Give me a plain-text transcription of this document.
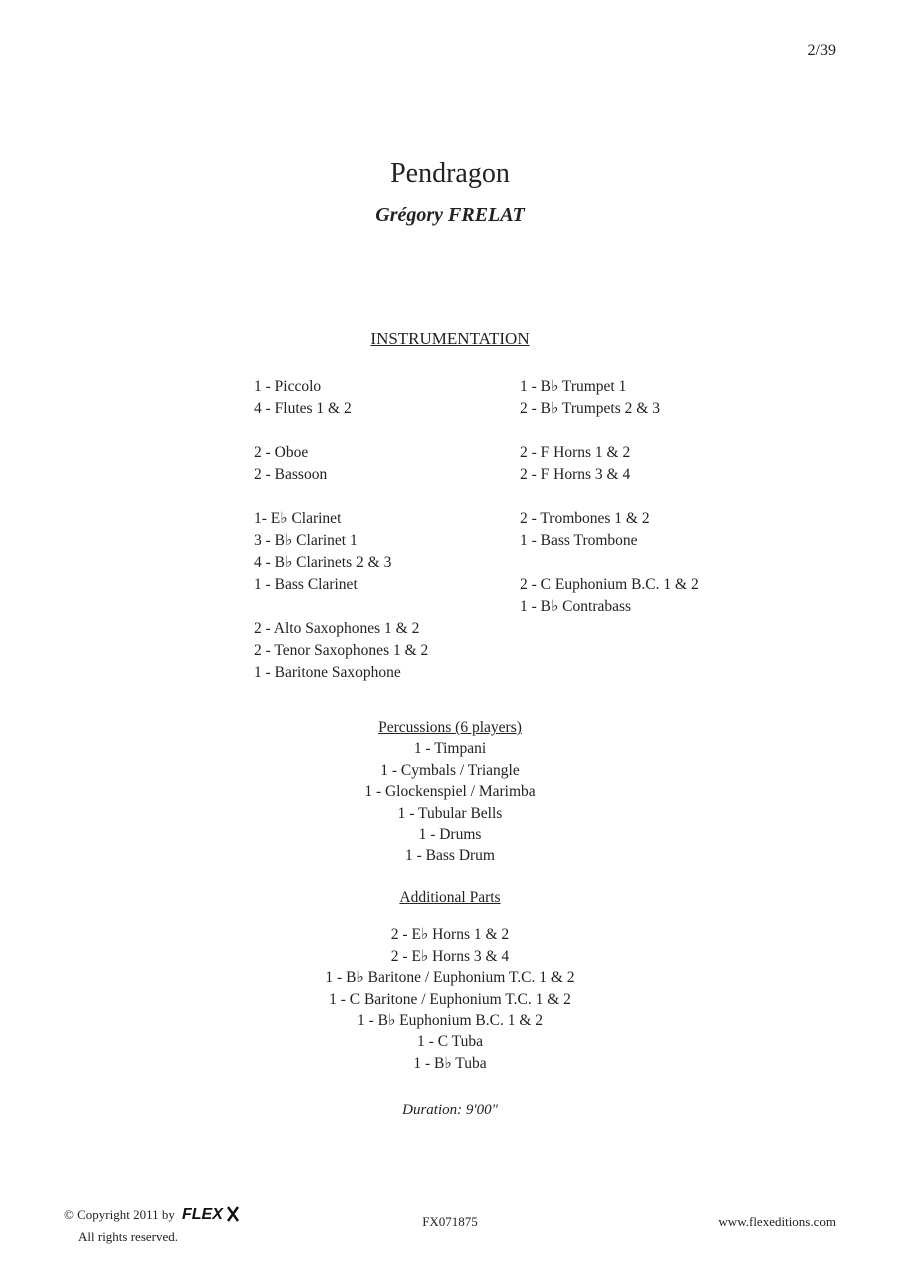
2/39
Pendragon
Grégory FRELAT
INSTRUMENTATION
1 - Piccolo
4 - Flutes 1 & 2
2 - Oboe
2 - Bassoon
1- E♭ Clarinet
3 - B♭ Clarinet 1
4 - B♭ Clarinets 2 & 3
1 - Bass Clarinet
2 - Alto Saxophones 1 & 2
2 - Tenor Saxophones 1 & 2
1 - Baritone Saxophone
1 - B♭ Trumpet 1
2 - B♭ Trumpets 2 & 3
2 - F Horns 1 & 2
2 - F Horns 3 & 4
2 - Trombones 1 & 2
1 - Bass Trombone
2 - C Euphonium B.C. 1 & 2
1 - B♭ Contrabass
Percussions (6 players)
1 - Timpani
1 - Cymbals / Triangle
1 - Glockenspiel / Marimba
1 - Tubular Bells
1 - Drums
1 - Bass Drum
Additional Parts
2 - E♭ Horns 1 & 2
2 - E♭ Horns 3 & 4
1 - B♭ Baritone / Euphonium T.C. 1 & 2
1 - C Baritone / Euphonium T.C. 1 & 2
1 - B♭ Euphonium B.C. 1 & 2
1 - C Tuba
1 - B♭ Tuba
Duration: 9'00"
© Copyright 2011 by FLEX
All rights reserved.
FX071875	www.flexeditions.com
